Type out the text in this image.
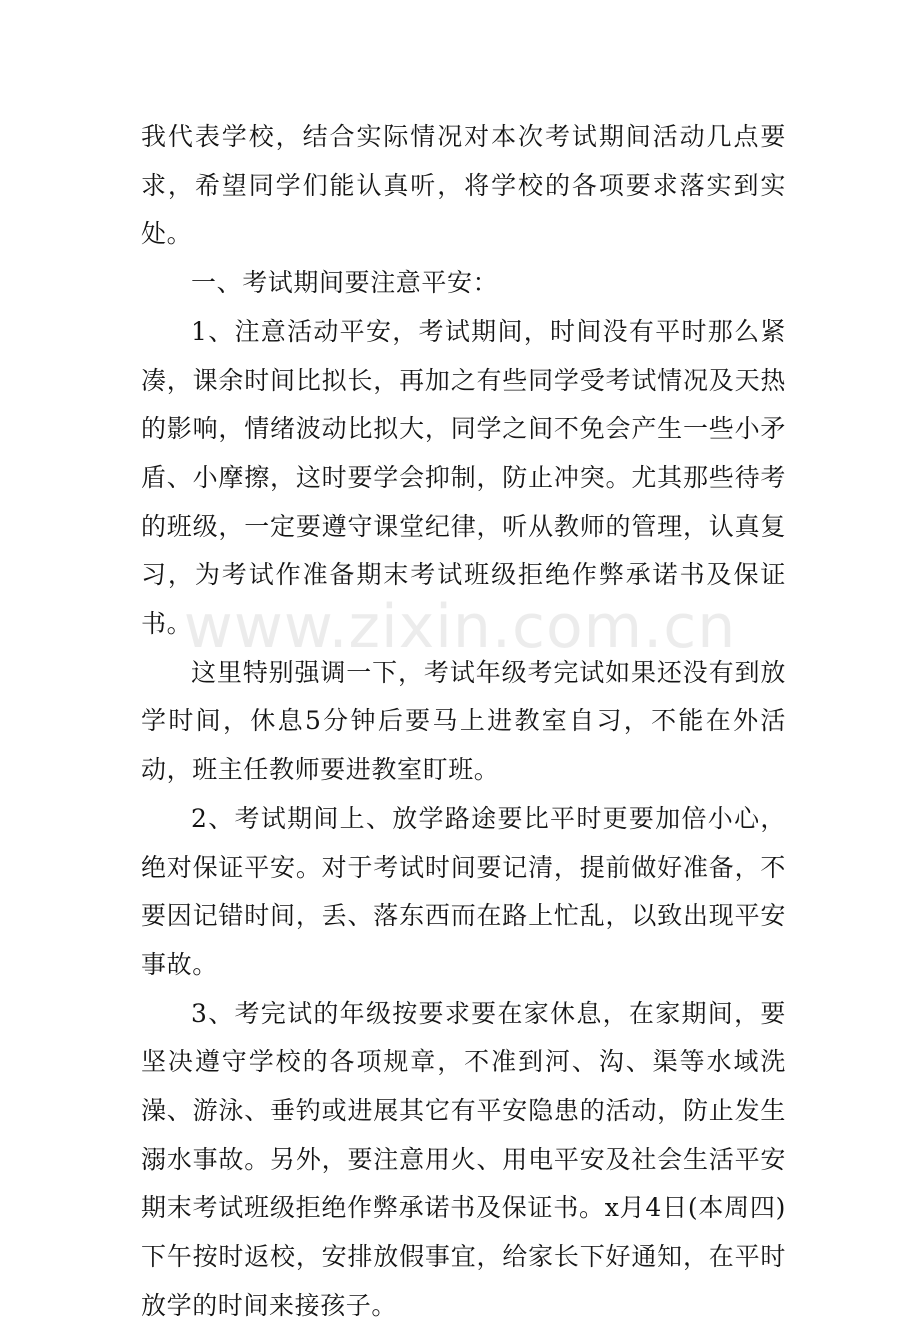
我代表学校，结合实际情况对本次考试期间活动几点要求，希望同学们能认真听，将学校的各项要求落实到实处。

一、考试期间要注意平安：

1、注意活动平安，考试期间，时间没有平时那么紧凑，课余时间比拟长，再加之有些同学受考试情况及天热的影响，情绪波动比拟大，同学之间不免会产生一些小矛盾、小摩擦，这时要学会抑制，防止冲突。尤其那些待考的班级，一定要遵守课堂纪律，听从教师的管理，认真复习，为考试作准备期末考试班级拒绝作弊承诺书及保证书。

这里特别强调一下，考试年级考完试如果还没有到放学时间，休息5分钟后要马上进教室自习，不能在外活动，班主任教师要进教室盯班。

2、考试期间上、放学路途要比平时更要加倍小心，绝对保证平安。对于考试时间要记清，提前做好准备，不要因记错时间，丢、落东西而在路上忙乱，以致出现平安事故。

3、考完试的年级按要求要在家休息，在家期间，要坚决遵守学校的各项规章，不准到河、沟、渠等水域洗澡、游泳、垂钓或进展其它有平安隐患的活动，防止发生溺水事故。另外，要注意用火、用电平安及社会生活平安期末考试班级拒绝作弊承诺书及保证书。x月4日(本周四)下午按时返校，安排放假事宜，给家长下好通知，在平时放学的时间来接孩子。

www.zixin.com.cn
